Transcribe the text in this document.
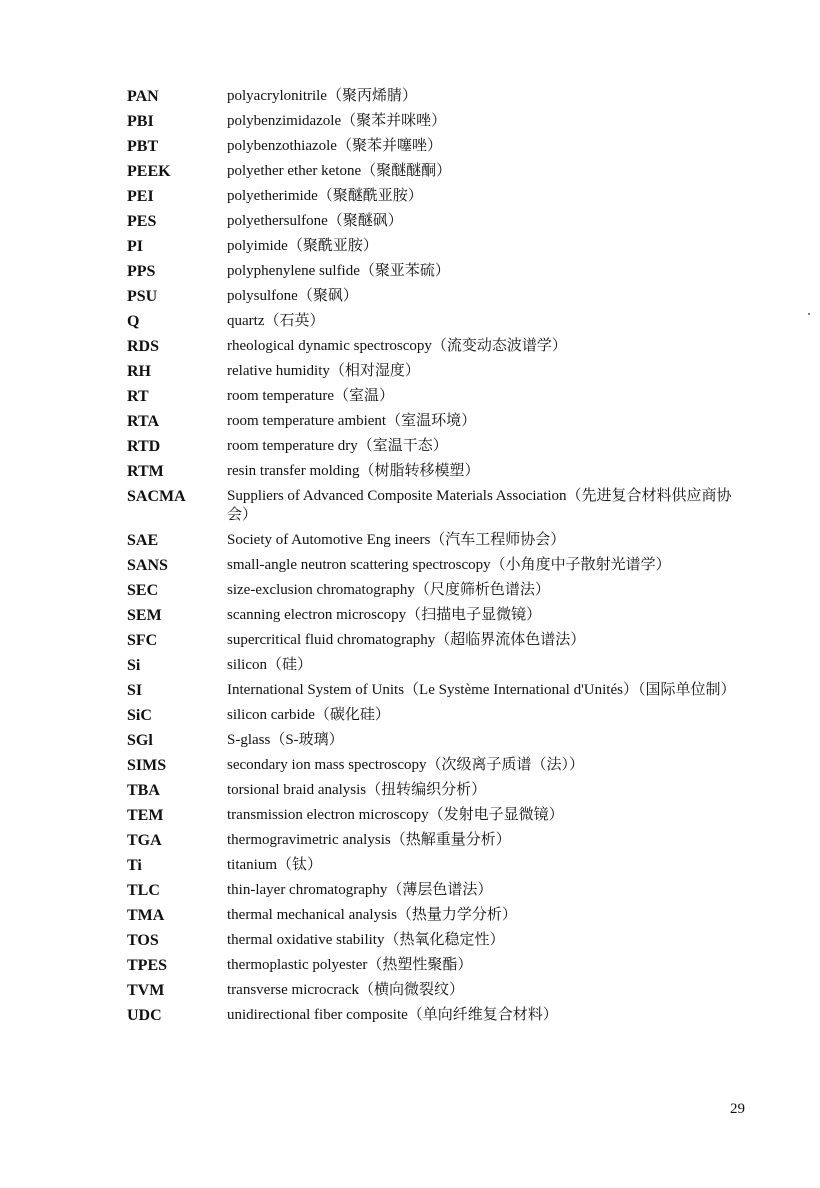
PAN	polyacrylonitrile（聚丙烯腈）
PBI	polybenzimidazole（聚苯并咪唑）
PBT	polybenzothiazole（聚苯并噻唑）
PEEK	polyether ether ketone（聚醚醚酮）
PEI	polyetherimide（聚醚酰亚胺）
PES	polyethersulfone（聚醚砜）
PI	polyimide（聚酰亚胺）
PPS	polyphenylene sulfide（聚亚苯硫）
PSU	polysulfone（聚砜）
Q	quartz（石英）
RDS	rheological dynamic spectroscopy（流变动态波谱学）
RH	relative humidity（相对湿度）
RT	room temperature（室温）
RTA	room temperature ambient（室温环境）
RTD	room temperature dry（室温干态）
RTM	resin transfer molding（树脂转移模塑）
SACMA	Suppliers of Advanced Composite Materials Association（先进复合材料供应商协会）
SAE	Society of Automotive Eng ineers（汽车工程师协会）
SANS	small-angle neutron scattering spectroscopy（小角度中子散射光谱学）
SEC	size-exclusion chromatography（尺度筛析色谱法）
SEM	scanning electron microscopy（扫描电子显微镜）
SFC	supercritical fluid chromatography（超临界流体色谱法）
Si	silicon（硅）
SI	International System of Units（Le Système International d'Unités）（国际单位制）
SiC	silicon carbide（碳化硅）
SGl	S-glass（S-玻璃）
SIMS	secondary ion mass spectroscopy（次级离子质谱（法））
TBA	torsional braid analysis（扭转编织分析）
TEM	transmission electron microscopy（发射电子显微镜）
TGA	thermogravimetric analysis（热解重量分析）
Ti	titanium（钛）
TLC	thin-layer chromatography（薄层色谱法）
TMA	thermal mechanical analysis（热量力学分析）
TOS	thermal oxidative stability（热氧化稳定性）
TPES	thermoplastic polyester（热塑性聚酯）
TVM	transverse microcrack（横向微裂纹）
UDC	unidirectional fiber composite（单向纤维复合材料）
29
